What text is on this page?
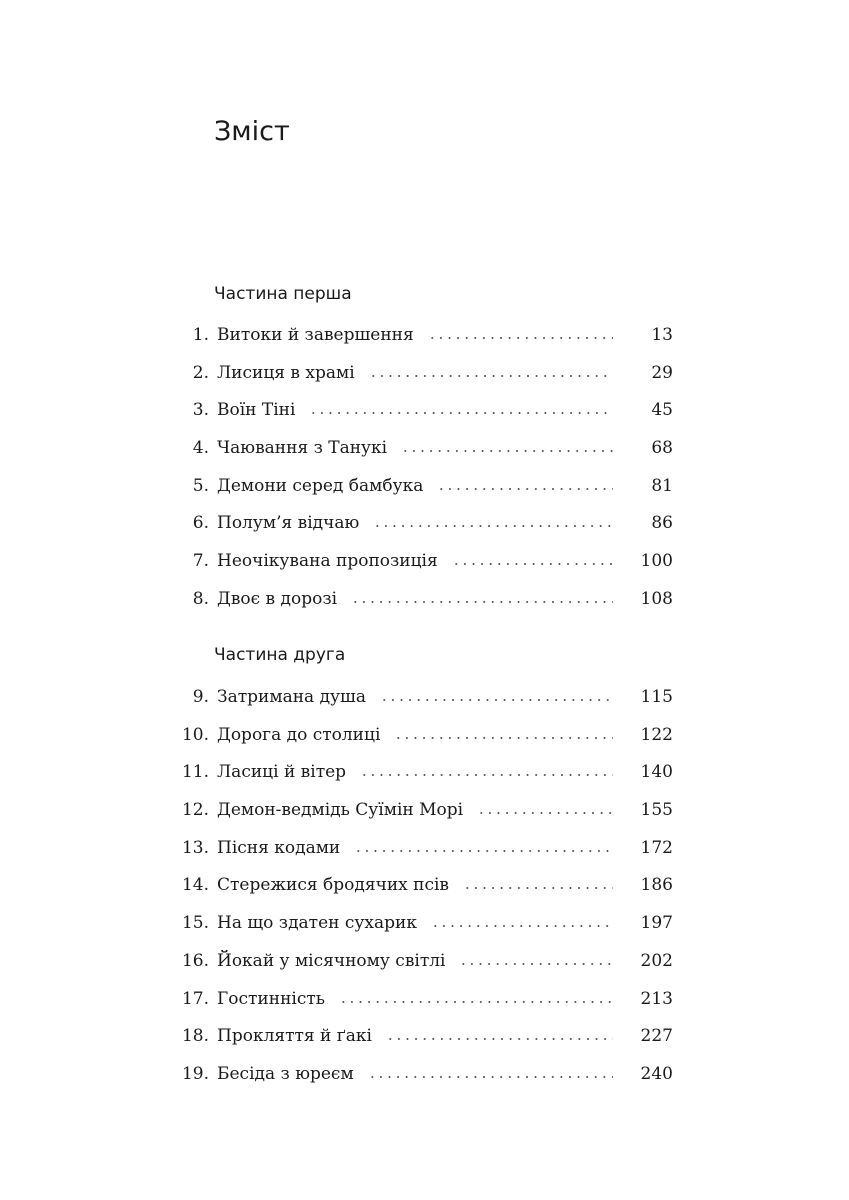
Зміст
Частина перша
1. Витоки й завершення	13
2. Лисиця в храмі	29
3. Воїн Тіні	45
4. Чаювання з Танукі	68
5. Демони серед бамбука	81
6. Полум’я відчаю	86
7. Неочікувана пропозиція	100
8. Двоє в дорозі	108
Частина друга
9. Затримана душа	115
10. Дорога до столиці	122
11. Ласиці й вітер	140
12. Демон-ведмідь Суїмін Морі	155
13. Пісня кодами	172
14. Стережися бродячих псів	186
15. На що здатен сухарик	197
16. Йокай у місячному світлі	202
17. Гостинність	213
18. Прокляття й ґакі	227
19. Бесіда з юреєм	240
